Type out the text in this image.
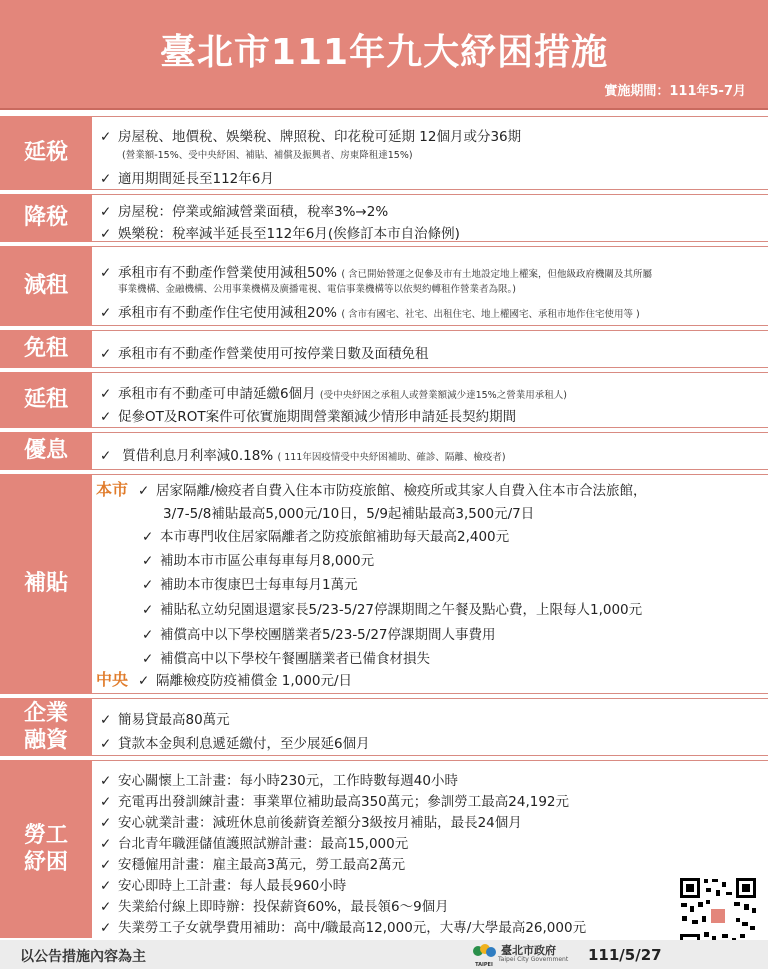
臺北市111年九大紓困措施
實施期間：111年5-7月
延稅
✓ 房屋稅、地價稅、娛樂稅、牌照稅、印花稅可延期 12個月或分36期
(營業額-15%、受中央紓困、補貼、補償及振興者、房東降租達15%)
✓ 適用期間延長至112年6月
降稅 ✓ 房屋稅：停業或縮減營業面積，稅率3%→2%
✓ 娛樂稅：稅率減半延長至112年6月(俟修訂本市自治條例)
減租
✓ 承租市有不動產作營業使用減租50% ( 含已開始營運之促參及市有土地設定地上權案，但他級政府機關及其所屬
事業機構、金融機構、公用事業機構及廣播電視、電信事業機構等以依契約轉租作營業者為限。)
✓ 承租市有不動產作住宅使用減租20% ( 含市有國宅、社宅、出租住宅、地上權國宅、承租市地作住宅使用等 )
免租 ✓ 承租市有不動產作營業使用可按停業日數及面積免租
延租 ✓ 承租市有不動產可申請延繳6個月 (受中央紓困之承租人或營業額減少達15%之營業用承租人)
✓ 促參OT及ROT案件可依實施期間營業額減少情形申請延長契約期間
優息 ✓ 質借利息月利率減0.18% ( 111年因疫情受中央紓困補助、確診、隔離、檢疫者)
補貼
本市 ✓ 居家隔離/檢疫者自費入住本市防疫旅館、檢疫所或其家人自費入住本市合法旅館，
3/7-5/8補貼最高5,000元/10日，5/9起補貼最高3,500元/7日
✓ 本市專門收住居家隔離者之防疫旅館補助每天最高2,400元
✓ 補助本市市區公車每車每月8,000元
✓ 補助本市復康巴士每車每月1萬元
✓ 補貼私立幼兒園退還家長5/23-5/27停課期間之午餐及點心費，上限每人1,000元
✓ 補償高中以下學校團膳業者5/23-5/27停課期間人事費用
✓ 補償高中以下學校午餐團膳業者已備食材損失
中央 ✓ 隔離檢疫防疫補償金 1,000元/日
企業
融資
✓ 簡易貸最高80萬元
✓ 貸款本金與利息遞延繳付，至少展延6個月
勞工
紓困
✓ 安心關懷上工計畫：每小時230元，工作時數每週40小時
✓ 充電再出發訓練計畫：事業單位補助最高350萬元；參訓勞工最高24,192元
✓ 安心就業計畫：減班休息前後薪資差額分3級按月補貼，最長24個月
✓ 台北青年職涯儲值護照試辦計畫：最高15,000元
✓ 安穩僱用計畫：雇主最高3萬元，勞工最高2萬元
✓ 安心即時上工計畫：每人最長960小時
✓ 失業給付線上即時辦：投保薪資60%，最長領6～9個月
✓ 失業勞工子女就學費用補助：高中/職最高12,000元，大專/大學最高26,000元
以公告措施內容為主	111/5/27
TAIPEI
臺北市政府
Taipei City Government
